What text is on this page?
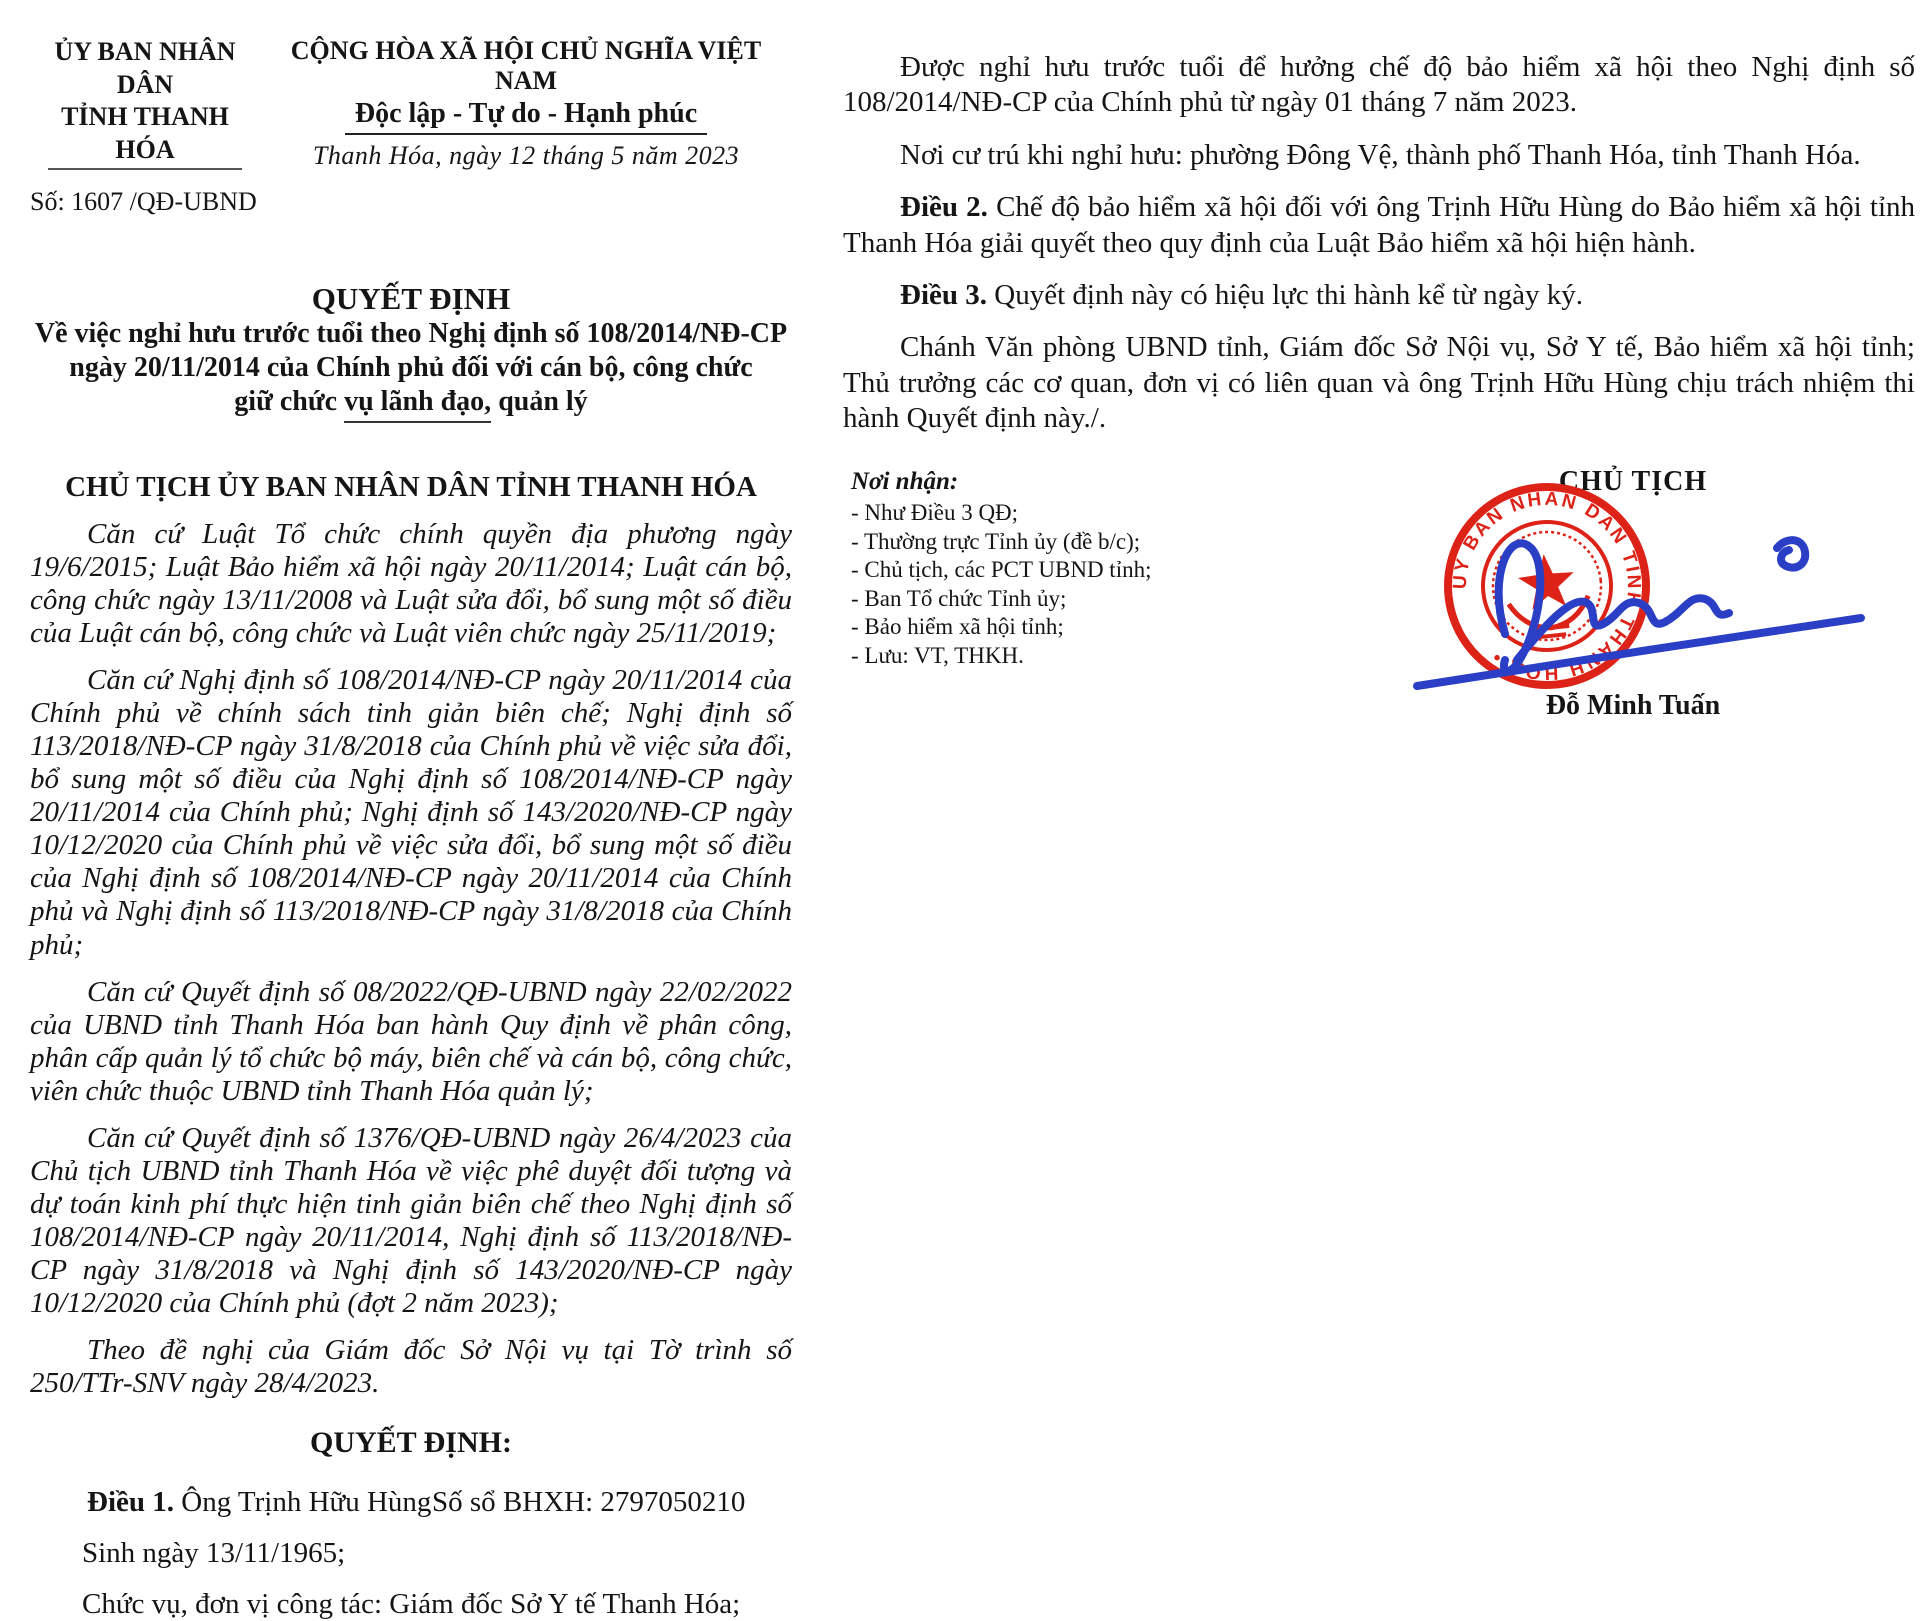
ỦY BAN NHÂN DÂN
TỈNH THANH HÓA
Số: 1607 /QĐ-UBND
CỘNG HÒA XÃ HỘI CHỦ NGHĨA VIỆT NAM
Độc lập - Tự do - Hạnh phúc
Thanh Hóa, ngày 12 tháng 5 năm 2023
QUYẾT ĐỊNH
Về việc nghỉ hưu trước tuổi theo Nghị định số 108/2014/NĐ-CP
ngày 20/11/2014 của Chính phủ đối với cán bộ, công chức
giữ chức vụ lãnh đạo, quản lý
CHỦ TỊCH ỦY BAN NHÂN DÂN TỈNH THANH HÓA

Căn cứ Luật Tổ chức chính quyền địa phương ngày 19/6/2015; Luật Bảo hiểm xã hội ngày 20/11/2014; Luật cán bộ, công chức ngày 13/11/2008 và Luật sửa đổi, bổ sung một số điều của Luật cán bộ, công chức và Luật viên chức ngày 25/11/2019;

Căn cứ Nghị định số 108/2014/NĐ-CP ngày 20/11/2014 của Chính phủ về chính sách tinh giản biên chế; Nghị định số 113/2018/NĐ-CP ngày 31/8/2018 của Chính phủ về việc sửa đổi, bổ sung một số điều của Nghị định số 108/2014/NĐ-CP ngày 20/11/2014 của Chính phủ; Nghị định số 143/2020/NĐ-CP ngày 10/12/2020 của Chính phủ về việc sửa đổi, bổ sung một số điều của Nghị định số 108/2014/NĐ-CP ngày 20/11/2014 của Chính phủ và Nghị định số 113/2018/NĐ-CP ngày 31/8/2018 của Chính phủ;

Căn cứ Quyết định số 08/2022/QĐ-UBND ngày 22/02/2022 của UBND tỉnh Thanh Hóa ban hành Quy định về phân công, phân cấp quản lý tổ chức bộ máy, biên chế và cán bộ, công chức, viên chức thuộc UBND tỉnh Thanh Hóa quản lý;

Căn cứ Quyết định số 1376/QĐ-UBND ngày 26/4/2023 của Chủ tịch UBND tỉnh Thanh Hóa về việc phê duyệt đối tượng và dự toán kinh phí thực hiện tinh giản biên chế theo Nghị định số 108/2014/NĐ-CP ngày 20/11/2014, Nghị định số 113/2018/NĐ-CP ngày 31/8/2018 và Nghị định số 143/2020/NĐ-CP ngày 10/12/2020 của Chính phủ (đợt 2 năm 2023);

Theo đề nghị của Giám đốc Sở Nội vụ tại Tờ trình số 250/TTr-SNV ngày 28/4/2023.

QUYẾT ĐỊNH:
Điều 1. Ông Trịnh Hữu Hùng Số sổ BHXH: 2797050210
Sinh ngày 13/11/1965;
Chức vụ, đơn vị công tác: Giám đốc Sở Y tế Thanh Hóa;

Được nghỉ hưu trước tuổi để hưởng chế độ bảo hiểm xã hội theo Nghị định số 108/2014/NĐ-CP của Chính phủ từ ngày 01 tháng 7 năm 2023.

Nơi cư trú khi nghỉ hưu: phường Đông Vệ, thành phố Thanh Hóa, tỉnh Thanh Hóa.

Điều 2. Chế độ bảo hiểm xã hội đối với ông Trịnh Hữu Hùng do Bảo hiểm xã hội tỉnh Thanh Hóa giải quyết theo quy định của Luật Bảo hiểm xã hội hiện hành.

Điều 3. Quyết định này có hiệu lực thi hành kể từ ngày ký.

Chánh Văn phòng UBND tỉnh, Giám đốc Sở Nội vụ, Sở Y tế, Bảo hiểm xã hội tỉnh; Thủ trưởng các cơ quan, đơn vị có liên quan và ông Trịnh Hữu Hùng chịu trách nhiệm thi hành Quyết định này./.

Nơi nhận:
- Như Điều 3 QĐ;
- Thường trực Tỉnh ủy (đề b/c);
- Chủ tịch, các PCT UBND tỉnh;
- Ban Tổ chức Tỉnh ủy;
- Bảo hiểm xã hội tỉnh;
- Lưu: VT, THKH.
CHỦ TỊCH
ỦY BAN NHÂN DÂN TỈNH THANH HÓA •
Đỗ Minh Tuấn
